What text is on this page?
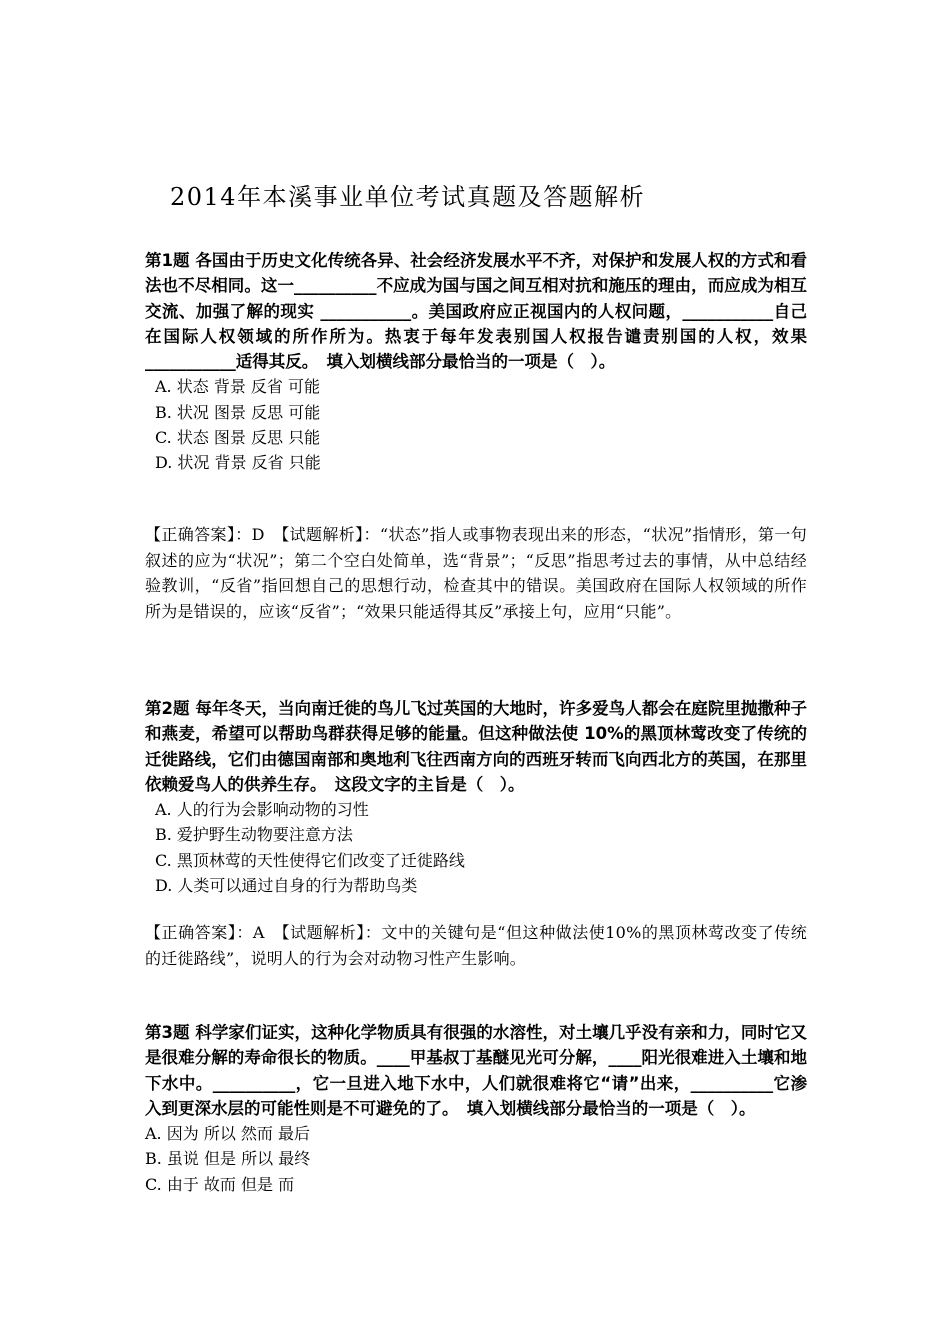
2014年本溪事业单位考试真题及答题解析

第1题 各国由于历史文化传统各异、社会经济发展水平不齐，对保护和发展人权的方式和看法也不尽相同。这一__________不应成为国与国之间互相对抗和施压的理由，而应成为相互交流、加强了解的现实 ___________。美国政府应正视国内的人权问题，___________自己在国际人权领域的所作所为。热衷于每年发表别国人权报告谴责别国的人权，效果___________适得其反。　填入划横线部分最恰当的一项是（　）。

A. 状态 背景 反省 可能
B. 状况 图景 反思 可能
C. 状态 图景 反思 只能
D. 状况 背景 反省 只能

【正确答案】：D　【试题解析】：“状态”指人或事物表现出来的形态，“状况”指情形，第一句叙述的应为“状况”；第二个空白处简单，选“背景”；“反思”指思考过去的事情，从中总结经验教训，“反省”指回想自己的思想行动，检查其中的错误。美国政府在国际人权领域的所作所为是错误的，应该“反省”；“效果只能适得其反”承接上句，应用“只能”。

第2题 每年冬天，当向南迁徙的鸟儿飞过英国的大地时，许多爱鸟人都会在庭院里抛撒种子和燕麦，希望可以帮助鸟群获得足够的能量。但这种做法使 10%的黑顶林莺改变了传统的迁徙路线，它们由德国南部和奥地利飞往西南方向的西班牙转而飞向西北方的英国，在那里依赖爱鸟人的供养生存。　这段文字的主旨是（　）。

A. 人的行为会影响动物的习性
B. 爱护野生动物要注意方法
C. 黑顶林莺的天性使得它们改变了迁徙路线
D. 人类可以通过自身的行为帮助鸟类

【正确答案】：A　【试题解析】：文中的关键句是“但这种做法使10%的黑顶林莺改变了传统的迁徙路线”，说明人的行为会对动物习性产生影响。

第3题 科学家们证实，这种化学物质具有很强的水溶性，对土壤几乎没有亲和力，同时它又是很难分解的寿命很长的物质。____甲基叔丁基醚见光可分解，____阳光很难进入土壤和地下水中。__________，它一旦进入地下水中，人们就很难将它“请”出来，__________它渗入到更深水层的可能性则是不可避免的了。　填入划横线部分最恰当的一项是（　）。

A. 因为 所以 然而 最后
B. 虽说 但是 所以 最终
C. 由于 故而 但是 而
